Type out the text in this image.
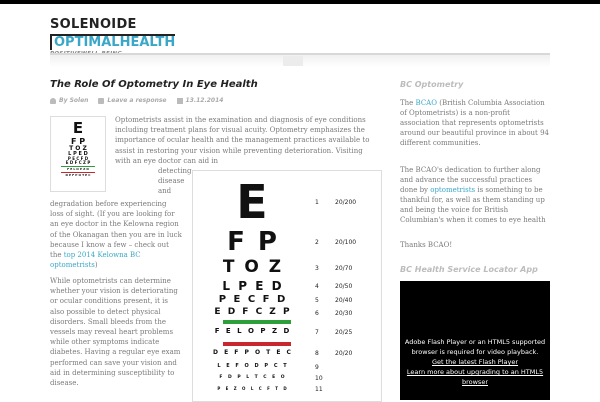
SOLENOIDE
OPTIMALHEALTH
The Role Of Optometry In Eye Health
By Solen	Leave a response	13.12.2014
E
F P
T O Z
L P E D
P E C F D
E D F C Z P
F E L O P Z D
D E F P O T E C
Optometrists assist in the examination and diagnosis of eye conditions including treatment plans for visual acuity. Optometry emphasizes the importance of ocular health and the management practices available to assist in restoring your vision while preventing deterioration. Visiting with an eye doctor can aid in
detecting
disease
and
degradation before experiencing loss of sight. (If you are looking for an eye doctor in the Kelowna region of the Okanagan then you are in luck because I know a few – check out the top 2014 Kelowna BC optometrists)
While optometrists can determine whether your vision is deteriorating or ocular conditions present, it is also possible to detect physical disorders. Small bleeds from the vessels may reveal heart problems while other symptoms indicate diabetes. Having a regular eye exam performed can save your vision and aid in determining susceptibility to disease.
E	1	20/200
F P	2	20/100
T O Z	3	20/70
L P E D	4	20/50
P E C F D	5	20/40
E D F C Z P	6	20/30
F E L O P Z D	7	20/25
D E F P O T E C	8	20/20
L E F O D P C T	9
F D P L T C E O	10
P E Z O L C F T D	11
BC Optometry
The BCAO (British Columbia Association of Optometrists) is a non-profit association that represents optometrists around our beautiful province in about 94 different communities.
The BCAO's dedication to further along and advance the successful practices done by optometrists is something to be thankful for, as well as them standing up and being the voice for British Columbian's when it comes to eye health
Thanks BCAO!
BC Health Service Locator App
Adobe Flash Player or an HTML5 supported
browser is required for video playback.
Get the latest Flash Player
Learn more about upgrading to an HTML5
browser
